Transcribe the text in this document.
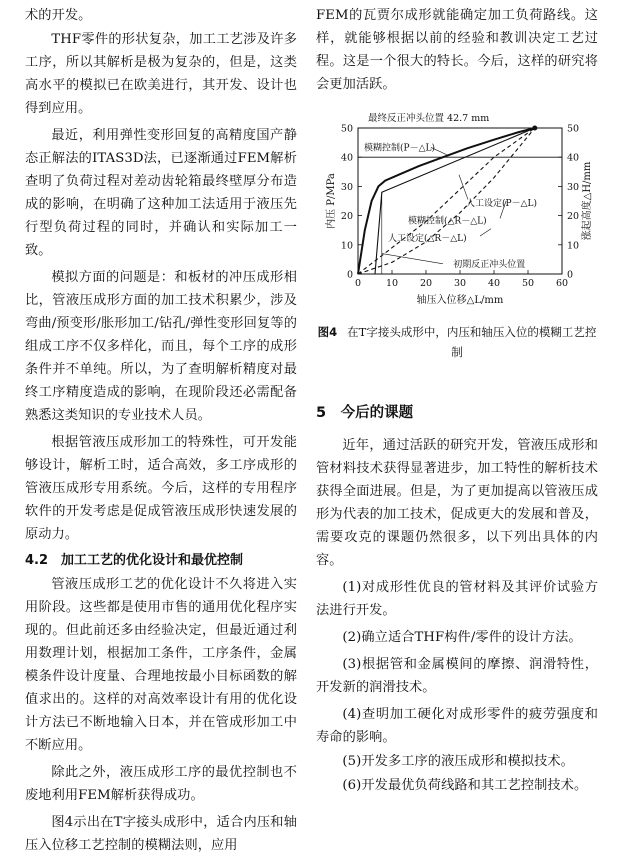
术的开发。

THF零件的形状复杂，加工工艺涉及许多工序，所以其解析是极为复杂的，但是，这类高水平的模拟已在欧美进行，其开发、设计也得到应用。

最近，利用弹性变形回复的高精度国产静态正解法的ITAS3D法，已逐渐通过FEM解析查明了负荷过程对差动齿轮箱最终壁厚分布造成的影响，在明确了这种加工法适用于液压先行型负荷过程的同时，并确认和实际加工一致。

模拟方面的问题是：和板材的冲压成形相比，管液压成形方面的加工技术积累少，涉及弯曲/预变形/胀形加工/钻孔/弹性变形回复等的组成工序不仅多样化，而且，每个工序的成形条件并不单纯。所以，为了查明解析精度对最终工序精度造成的影响，在现阶段还必需配备熟悉这类知识的专业技术人员。

根据管液压成形加工的特殊性，可开发能够设计，解析工时，适合高效，多工序成形的管液压成形专用系统。今后，这样的专用程序软件的开发考虑是促成管液压成形快速发展的原动力。

4.2　加工工艺的优化设计和最优控制

管液压成形工艺的优化设计不久将进入实用阶段。这些都是使用市售的通用优化程序实现的。但此前还多由经验决定，但最近通过利用数理计划，根据加工条件，工序条件，金属模条件设计度量、合理地按最小目标函数的解值求出的。这样的对高效率设计有用的优化设计方法已不断地输入日本，并在管成形加工中不断应用。

除此之外，液压成形工序的最优控制也不废地利用FEM解析获得成功。

图4示出在T字接头成形中，适合内压和轴压入位移工艺控制的模糊法则，应用

FEM的瓦贾尔成形就能确定加工负荷路线。这样，就能够根据以前的经验和教训决定工艺过程。这是一个很大的特长。今后，这样的研究将会更加活跃。

0	10 20 30 40 50 60
0
10
20
30
40
50
0
10
20
30
40
50
轴压入位移△L/mm
内压 P/MPa	涨起高度△H/mm
最终反正冲头位置 42.7 mm
模糊控制(P－△L)
人工设定(P－△L)
模糊控制(△R－△L)
人工设定(△R－△L)
初期反正冲头位置
图4 在T字接头成形中，内压和轴压入位的模糊工艺控制
5　今后的课题

近年，通过活跃的研究开发，管液压成形和管材料技术获得显著进步，加工特性的解析技术获得全面进展。但是，为了更加提高以管液压成形为代表的加工技术，促成更大的发展和普及，需要攻克的课题仍然很多，以下列出具体的内容。

(1)对成形性优良的管材料及其评价试验方法进行开发。

(2)确立适合THF构件/零件的设计方法。

(3)根据管和金属模间的摩擦、润滑特性，开发新的润滑技术。

(4)查明加工硬化对成形零件的疲劳强度和寿命的影响。

(5)开发多工序的液压成形和模拟技术。

(6)开发最优负荷线路和其工艺控制技术。
